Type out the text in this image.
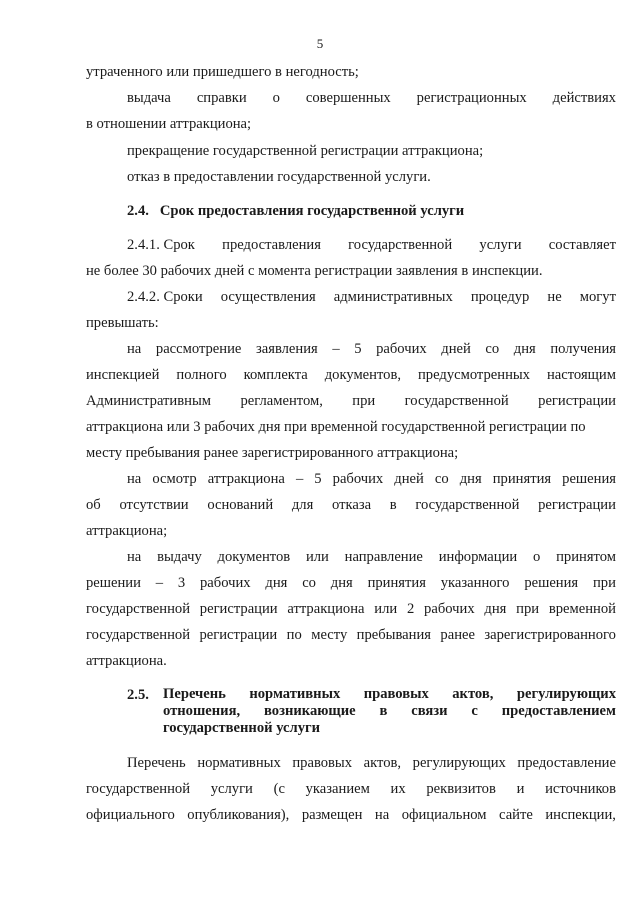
5
утраченного или пришедшего в негодность;
выдача справки о совершенных регистрационных действиях
в отношении аттракциона;
прекращение государственной регистрации аттракциона;
отказ в предоставлении государственной услуги.
2.4.   Срок предоставления государственной услуги
2.4.1. Срок предоставления государственной услуги составляет
не более 30 рабочих дней с момента регистрации заявления в инспекции.
2.4.2. Сроки осуществления административных процедур не могут
превышать:
на рассмотрение заявления – 5 рабочих дней со дня получения
инспекцией полного комплекта документов, предусмотренных настоящим
Административным регламентом, при государственной регистрации
аттракциона или 3 рабочих дня при временной государственной регистрации по
месту пребывания ранее зарегистрированного аттракциона;
на осмотр аттракциона – 5 рабочих дней со дня принятия решения
об отсутствии оснований для отказа в государственной регистрации
аттракциона;
на выдачу документов или направление информации о принятом
решении – 3 рабочих дня со дня принятия указанного решения при
государственной регистрации аттракциона или 2 рабочих дня при временной
государственной регистрации по месту пребывания ранее зарегистрированного
аттракциона.
2.5. Перечень нормативных правовых актов, регулирующих
отношения, возникающие в связи с предоставлением
государственной услуги
Перечень нормативных правовых актов, регулирующих предоставление
государственной услуги (с указанием их реквизитов и источников
официального опубликования), размещен на официальном сайте инспекции,
